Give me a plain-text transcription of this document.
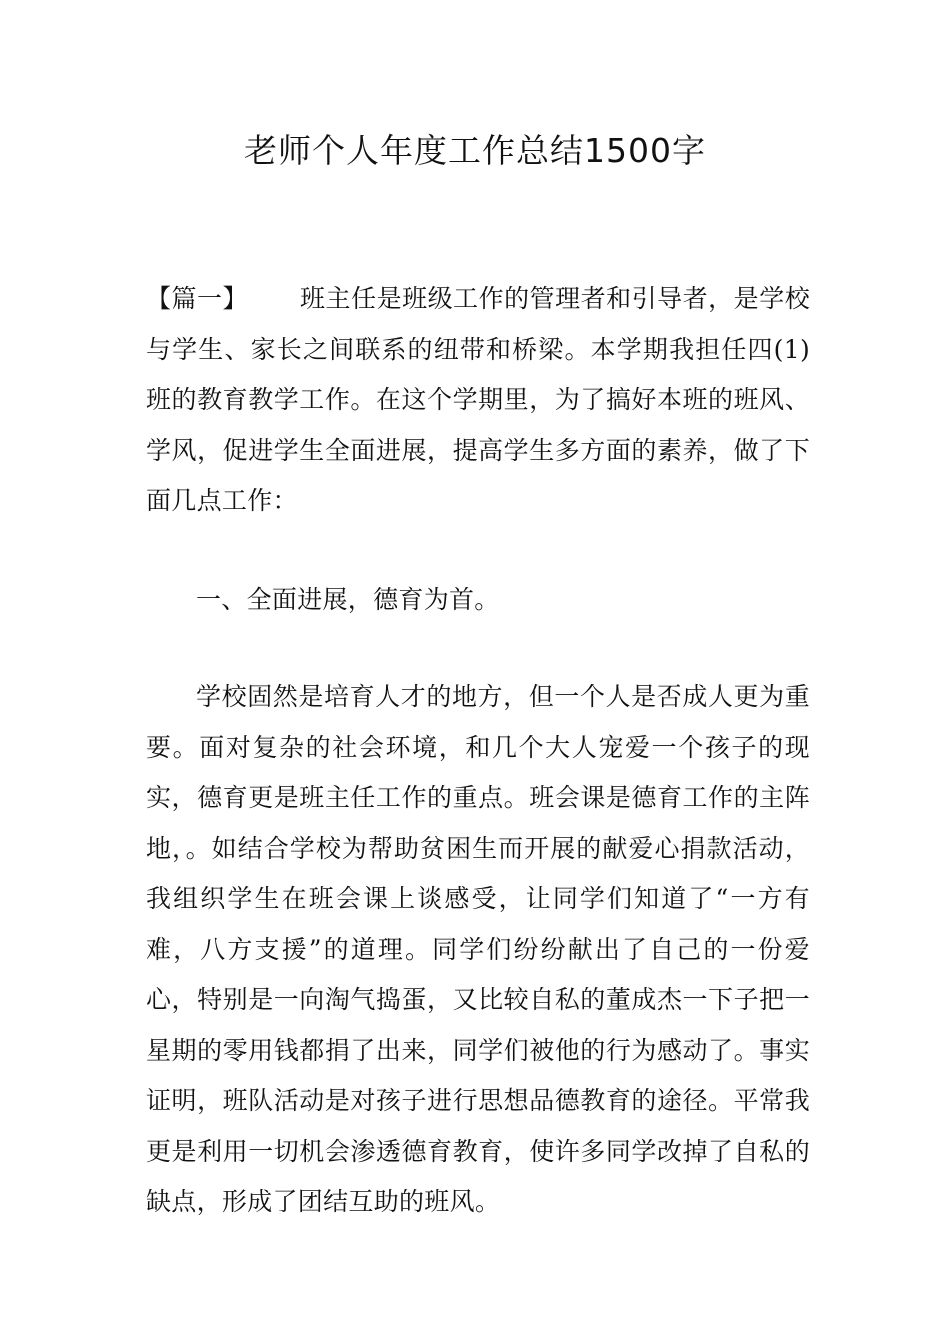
老师个人年度工作总结1500字

【篇一】 班主任是班级工作的管理者和引导者，是学校与学生、家长之间联系的纽带和桥梁。本学期我担任四(1)班的教育教学工作。在这个学期里，为了搞好本班的班风、学风，促进学生全面进展，提高学生多方面的素养，做了下面几点工作：

一、全面进展，德育为首。

学校固然是培育人才的地方，但一个人是否成人更为重要。面对复杂的社会环境，和几个大人宠爱一个孩子的现实，德育更是班主任工作的重点。班会课是德育工作的主阵地，。如结合学校为帮助贫困生而开展的献爱心捐款活动，我组织学生在班会课上谈感受，让同学们知道了“一方有难，八方支援”的道理。同学们纷纷献出了自己的一份爱心，特别是一向淘气捣蛋，又比较自私的董成杰一下子把一星期的零用钱都捐了出来，同学们被他的行为感动了。事实证明，班队活动是对孩子进行思想品德教育的途径。平常我更是利用一切机会渗透德育教育，使许多同学改掉了自私的缺点，形成了团结互助的班风。
